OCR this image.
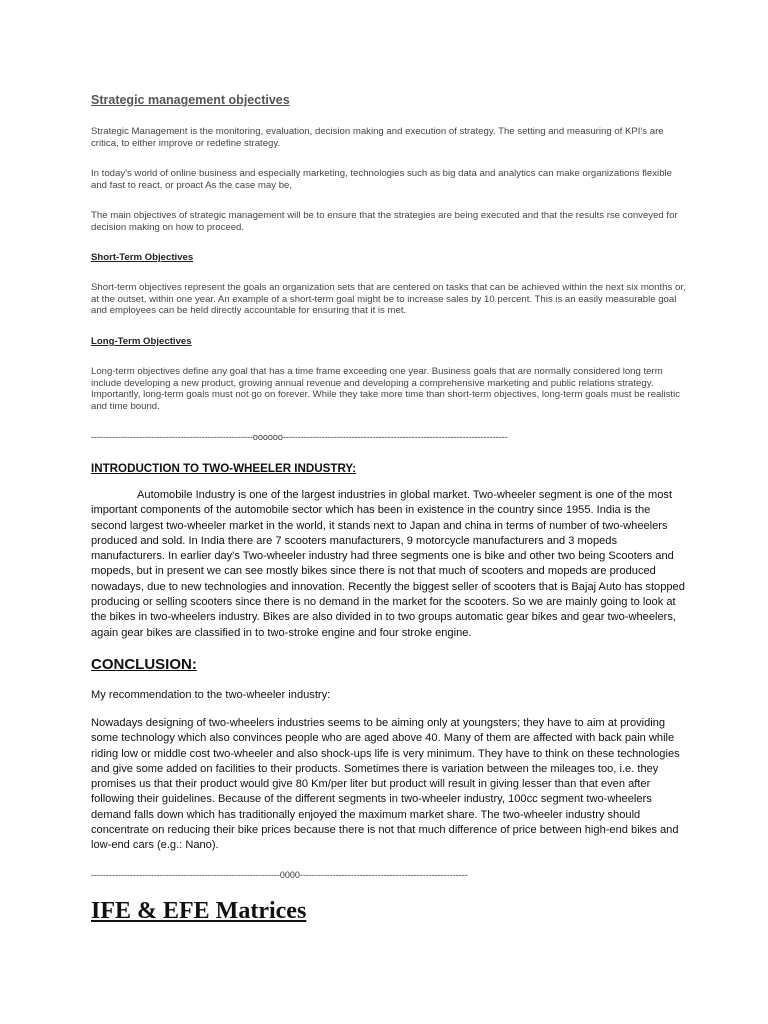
Strategic management objectives

Strategic Management is the monitoring, evaluation, decision making and execution of strategy. The setting and measuring of KPI's are critica, to either improve or redefine strategy.

In today's world of online business and especially marketing, technologies such as big data and analytics can make organizations flexible and fast to react, or proact As the case may be,

The main objectives of strategic management will be to ensure that the strategies are being executed and that the results rse conveyed for decision making on how to proceed.

Short-Term Objectives

Short-term objectives represent the goals an organization sets that are centered on tasks that can be achieved within the next six months or, at the outset, within one year. An example of a short-term goal might be to increase sales by 10 percent. This is an easily measurable goal and employees can be held directly accountable for ensuring that it is met.

Long-Term Objectives

Long-term objectives define any goal that has a time frame exceeding one year. Business goals that are normally considered long term include developing a new product, growing annual revenue and developing a comprehensive marketing and public relations strategy. Importantly, long-term goals must not go on forever. While they take more time than short-term objectives, long-term goals must be realistic and time bound.

------------------------------------------------------oooooo---------------------------------------------------------------------------
INTRODUCTION TO TWO-WHEELER INDUSTRY:

Automobile Industry is one of the largest industries in global market. Two-wheeler segment is one of the most important components of the automobile sector which has been in existence in the country since 1955. India is the second largest two-wheeler market in the world, it stands next to Japan and china in terms of number of two-wheelers produced and sold. In India there are 7 scooters manufacturers, 9 motorcycle manufacturers and 3 mopeds manufacturers. In earlier day's Two-wheeler industry had three segments one is bike and other two being Scooters and mopeds, but in present we can see mostly bikes since there is not that much of scooters and mopeds are produced nowadays, due to new technologies and innovation. Recently the biggest seller of scooters that is Bajaj Auto has stopped producing or selling scooters since there is no demand in the market for the scooters. So we are mainly going to look at the bikes in two-wheelers industry. Bikes are also divided in to two groups automatic gear bikes and gear two-wheelers, again gear bikes are classified in to two-stroke engine and four stroke engine.

CONCLUSION:

My recommendation to the two-wheeler industry:

Nowadays designing of two-wheelers industries seems to be aiming only at youngsters; they have to aim at providing some technology which also convinces people who are aged above 40. Many of them are affected with back pain while riding low or middle cost two-wheeler and also shock-ups life is very minimum. They have to think on these technologies and give some added on facilities to their products. Sometimes there is variation between the mileages too, i.e. they promises us that their product would give 80 Km/per liter but product will result in giving lesser than that even after following their guidelines. Because of the different segments in two-wheeler industry, 100cc segment two-wheelers demand falls down which has traditionally enjoyed the maximum market share. The two-wheeler industry should concentrate on reducing their bike prices because there is not that much difference of price between high-end bikes and low-end cars (e.g.: Nano).

---------------------------------------------------------------0000--------------------------------------------------------
IFE & EFE Matrices
